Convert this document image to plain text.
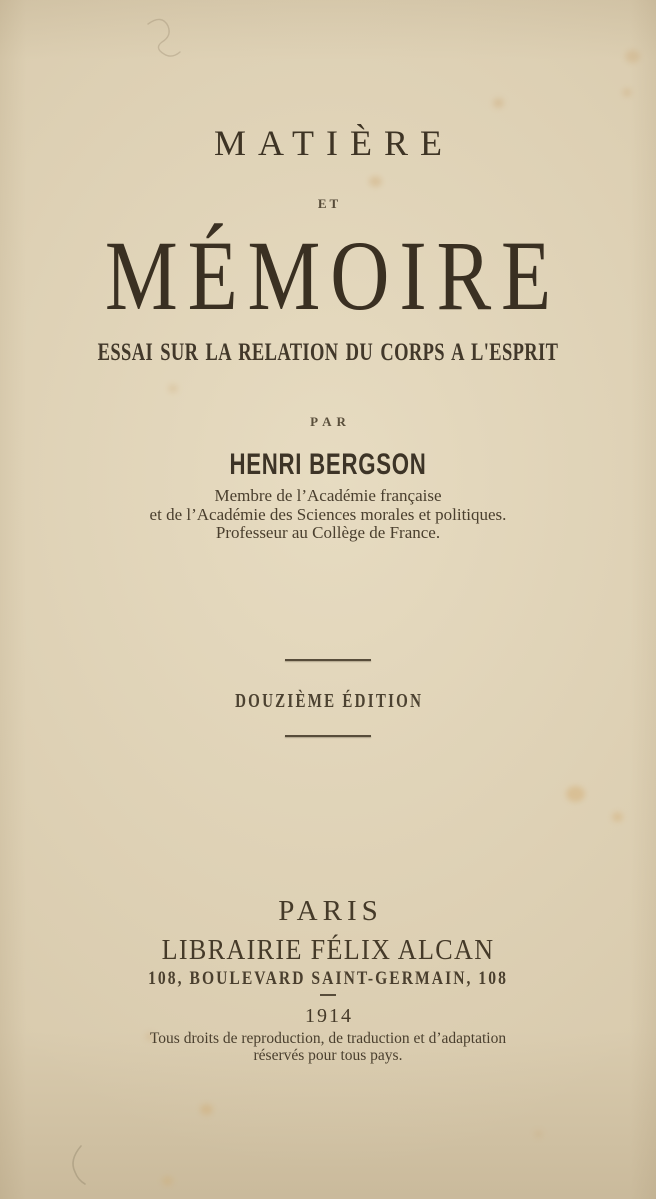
MATIÈRE
ET
MÉMOIRE
ESSAI SUR LA RELATION DU CORPS A L'ESPRIT
PAR
HENRI BERGSON
Membre de l’Académie française
et de l’Académie des Sciences morales et politiques.
Professeur au Collège de France.
DOUZIÈME ÉDITION
PARIS
LIBRAIRIE FÉLIX ALCAN
108, BOULEVARD SAINT-GERMAIN, 108
1914
Tous droits de reproduction, de traduction et d’adaptation
réservés pour tous pays.
